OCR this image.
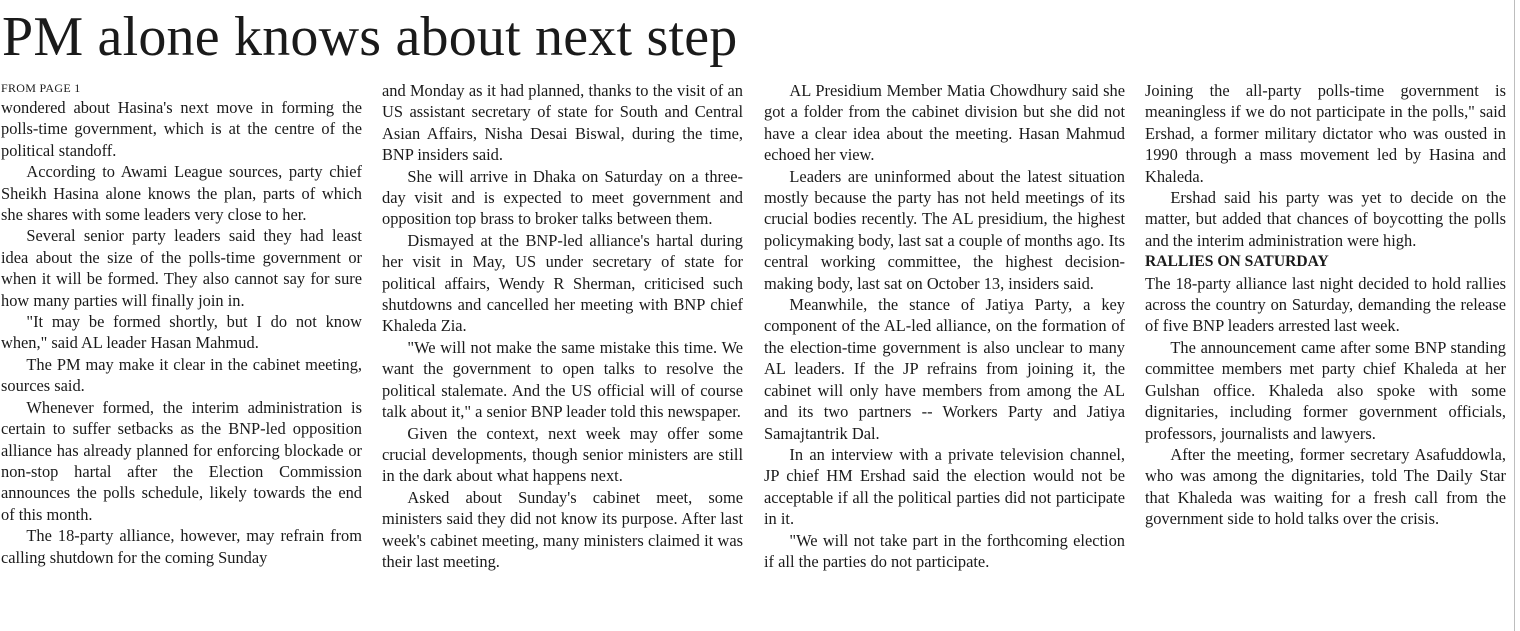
PM alone knows about next step
FROM PAGE 1

wondered about Hasina's next move in forming the polls-time government, which is at the centre of the political standoff.

According to Awami League sources, party chief Sheikh Hasina alone knows the plan, parts of which she shares with some leaders very close to her.

Several senior party leaders said they had least idea about the size of the polls-time government or when it will be formed. They also cannot say for sure how many parties will finally join in.

"It may be formed shortly, but I do not know when," said AL leader Hasan Mahmud.

The PM may make it clear in the cabinet meeting, sources said.

Whenever formed, the interim administration is certain to suffer setbacks as the BNP-led opposition alliance has already planned for enforcing blockade or non-stop hartal after the Election Commission announces the polls schedule, likely towards the end of this month.

The 18-party alliance, however, may refrain from calling shutdown for the coming Sunday

and Monday as it had planned, thanks to the visit of an US assistant secretary of state for South and Central Asian Affairs, Nisha Desai Biswal, during the time, BNP insiders said.

She will arrive in Dhaka on Saturday on a three-day visit and is expected to meet government and opposition top brass to broker talks between them.

Dismayed at the BNP-led alliance's hartal during her visit in May, US under secretary of state for political affairs, Wendy R Sherman, criticised such shutdowns and cancelled her meeting with BNP chief Khaleda Zia.

"We will not make the same mistake this time. We want the government to open talks to resolve the political stalemate. And the US official will of course talk about it," a senior BNP leader told this newspaper.

Given the context, next week may offer some crucial developments, though senior ministers are still in the dark about what happens next.

Asked about Sunday's cabinet meet, some ministers said they did not know its purpose. After last week's cabinet meeting, many ministers claimed it was their last meeting.

AL Presidium Member Matia Chowdhury said she got a folder from the cabinet division but she did not have a clear idea about the meeting. Hasan Mahmud echoed her view.

Leaders are uninformed about the latest situation mostly because the party has not held meetings of its crucial bodies recently. The AL presidium, the highest policymaking body, last sat a couple of months ago. Its central working committee, the highest decision-making body, last sat on October 13, insiders said.

Meanwhile, the stance of Jatiya Party, a key component of the AL-led alliance, on the formation of the election-time government is also unclear to many AL leaders. If the JP refrains from joining it, the cabinet will only have members from among the AL and its two partners -- Workers Party and Jatiya Samajtantrik Dal.

In an interview with a private television channel, JP chief HM Ershad said the election would not be acceptable if all the political parties did not participate in it.

"We will not take part in the forthcoming election if all the parties do not participate.

Joining the all-party polls-time government is meaningless if we do not participate in the polls," said Ershad, a former military dictator who was ousted in 1990 through a mass movement led by Hasina and Khaleda.

Ershad said his party was yet to decide on the matter, but added that chances of boycotting the polls and the interim administration were high.

RALLIES ON SATURDAY

The 18-party alliance last night decided to hold rallies across the country on Saturday, demanding the release of five BNP leaders arrested last week.

The announcement came after some BNP standing committee members met party chief Khaleda at her Gulshan office. Khaleda also spoke with some dignitaries, including former government officials, professors, journalists and lawyers.

After the meeting, former secretary Asafuddowla, who was among the dignitaries, told The Daily Star that Khaleda was waiting for a fresh call from the government side to hold talks over the crisis.
